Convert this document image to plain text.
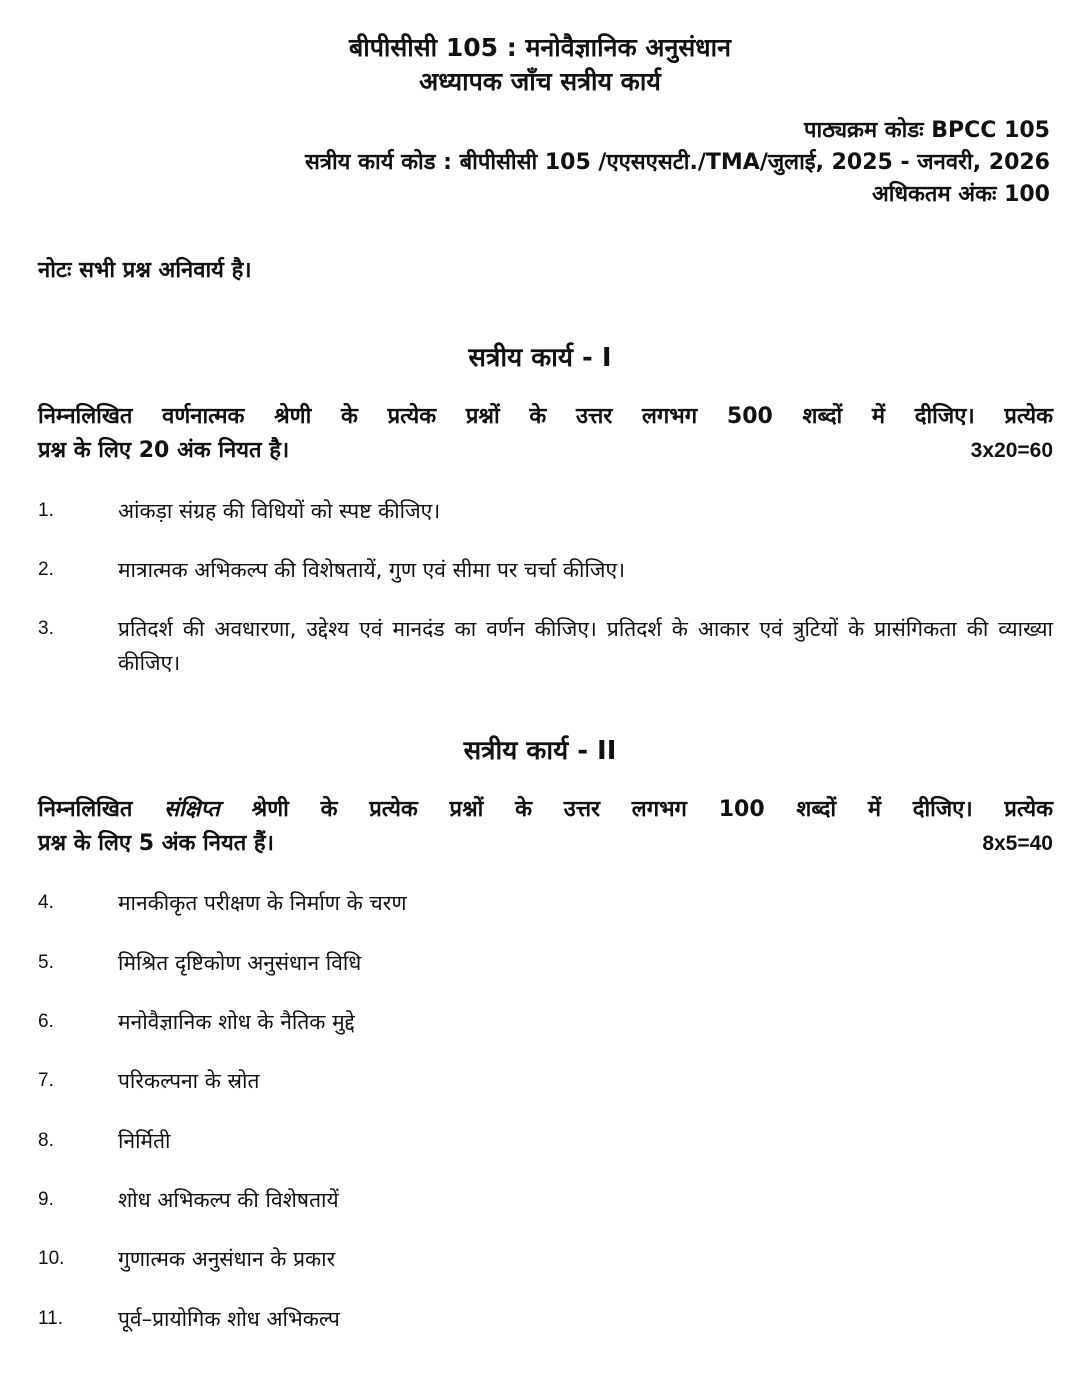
बीपीसीसी 105 : मनोवैज्ञानिक अनुसंधान
अध्यापक जाँच सत्रीय कार्य
पाठ्यक्रम कोडः BPCC 105
सत्रीय कार्य कोड : बीपीसीसी 105 /एएसएसटी./TMA/जुलाई, 2025 - जनवरी, 2026
अधिकतम अंकः 100
नोटः सभी प्रश्न अनिवार्य है।
सत्रीय कार्य - I
निम्नलिखित वर्णनात्मक श्रेणी के प्रत्येक प्रश्नों के उत्तर लगभग 500 शब्दों में दीजिए। प्रत्येक
प्रश्न के लिए 20 अंक नियत है।	3x20=60
1.	आंकड़ा संग्रह की विधियों को स्पष्ट कीजिए।
2.	मात्रात्मक अभिकल्प की विशेषतायें, गुण एवं सीमा पर चर्चा कीजिए।
3.	प्रतिदर्श की अवधारणा, उद्देश्य एवं मानदंड का वर्णन कीजिए। प्रतिदर्श के आकार एवं त्रुटियों के प्रासंगिकता की व्याख्या कीजिए।
सत्रीय कार्य - II
निम्नलिखित संक्षिप्त श्रेणी के प्रत्येक प्रश्नों के उत्तर लगभग 100 शब्दों में दीजिए। प्रत्येक
प्रश्न के लिए 5 अंक नियत हैं।	8x5=40
4.	मानकीकृत परीक्षण के निर्माण के चरण
5.	मिश्रित दृष्टिकोण अनुसंधान विधि
6.	मनोवैज्ञानिक शोध के नैतिक मुद्दे
7.	परिकल्पना के स्रोत
8.	निर्मिती
9.	शोध अभिकल्प की विशेषतायें
10.	गुणात्मक अनुसंधान के प्रकार
11.	पूर्व–प्रायोगिक शोध अभिकल्प
